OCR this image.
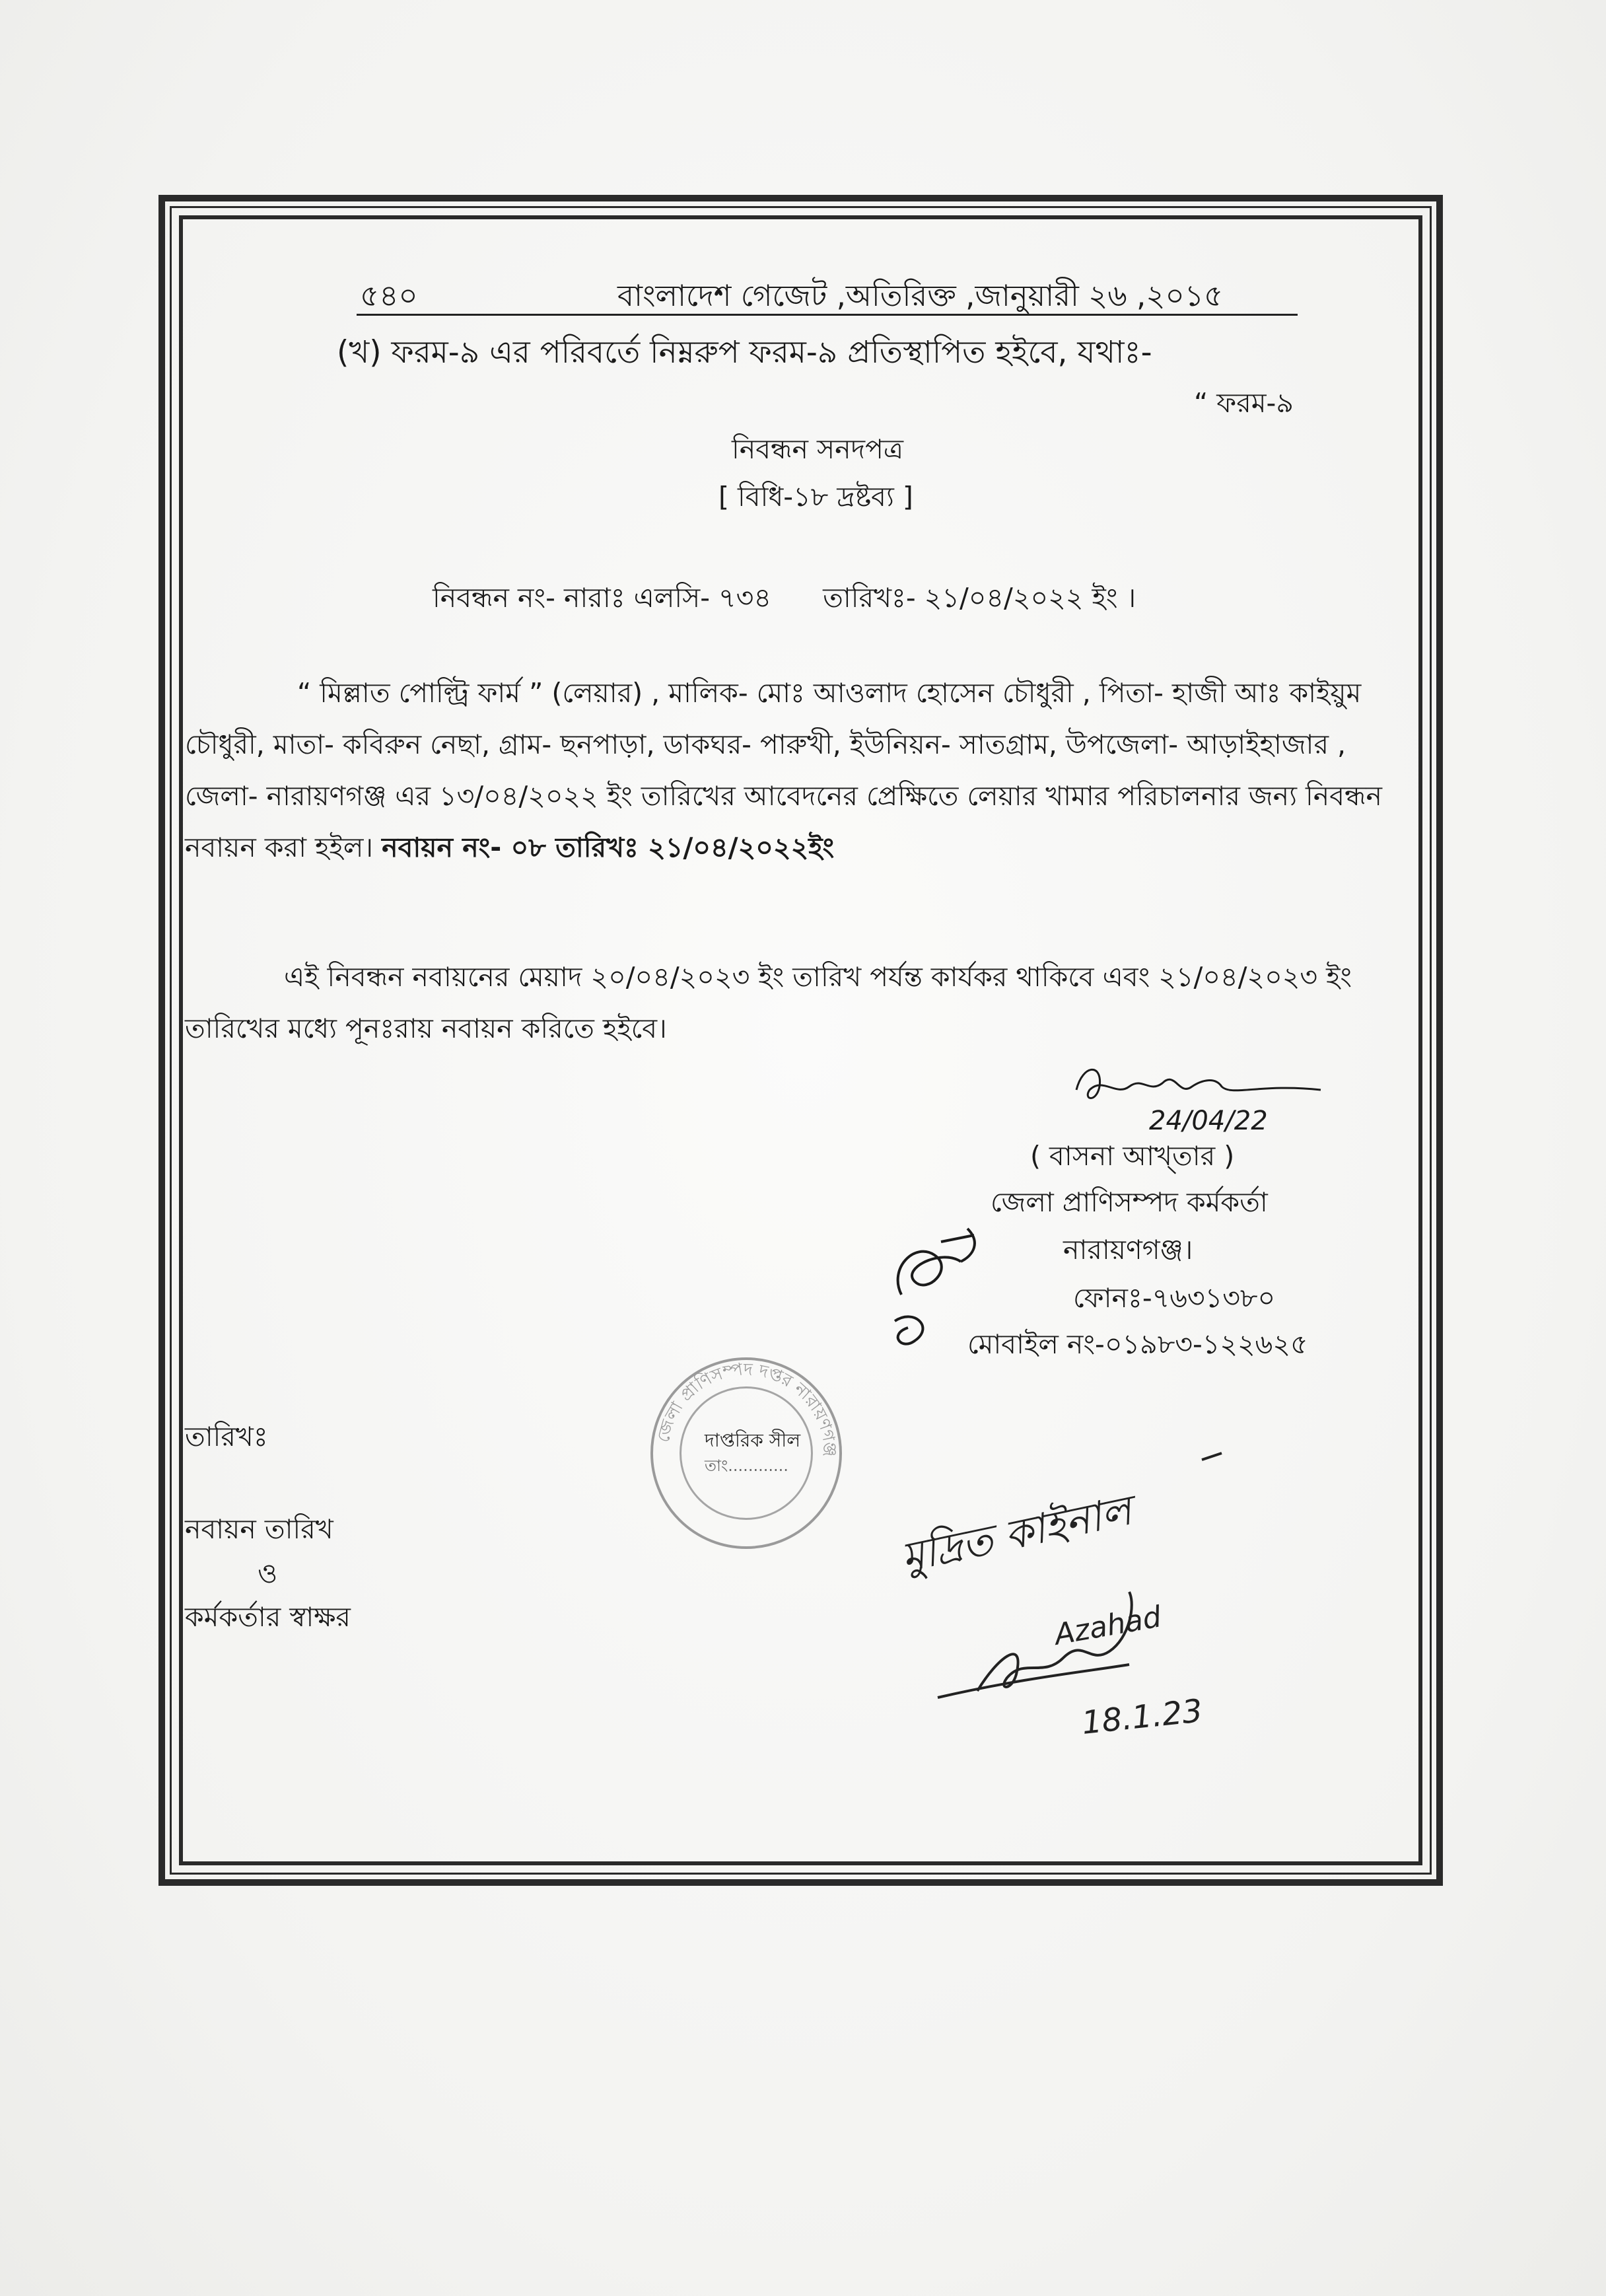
৫৪০	বাংলাদেশ গেজেট ,অতিরিক্ত ,জানুয়ারী ২৬ ,২০১৫
(খ) ফরম-৯ এর পরিবর্তে নিম্নরুপ ফরম-৯ প্রতিস্থাপিত হইবে, যথাঃ-
“ ফরম-৯
নিবন্ধন সনদপত্র
[ বিধি-১৮ দ্রষ্টব্য ]
নিবন্ধন নং- নারাঃ এলসি- ৭৩৪      তারিখঃ- ২১/০৪/২০২২ ইং ।
“ মিল্লাত পোল্ট্রি ফার্ম ” (লেয়ার) , মালিক- মোঃ আওলাদ হোসেন চৌধুরী , পিতা- হাজী আঃ কাইয়ুম
চৌধুরী, মাতা- কবিরুন নেছা, গ্রাম- ছনপাড়া, ডাকঘর- পারুখী, ইউনিয়ন- সাতগ্রাম, উপজেলা- আড়াইহাজার ,
জেলা- নারায়ণগঞ্জ এর ১৩/০৪/২০২২ ইং তারিখের আবেদনের প্রেক্ষিতে লেয়ার খামার পরিচালনার জন্য নিবন্ধন
নবায়ন করা হইল। নবায়ন নং- ০৮ তারিখঃ ২১/০৪/২০২২ইং
এই নিবন্ধন নবায়নের মেয়াদ ২০/০৪/২০২৩ ইং তারিখ পর্যন্ত কার্যকর থাকিবে এবং ২১/০৪/২০২৩ ইং
তারিখের মধ্যে পূনঃরায় নবায়ন করিতে হইবে।
24/04/22
( বাসনা আখ্‌তার )
জেলা প্রাণিসম্পদ কর্মকর্তা
নারায়ণগঞ্জ।
ফোনঃ-৭৬৩১৩৮০
মোবাইল নং-০১৯৮৩-১২২৬২৫
জেলা প্রাণিসম্পদ দপ্তর নারায়ণগঞ্জ
দাপ্তরিক সীল
তাং............
তারিখঃ
নবায়ন তারিখ
ও
কর্মকর্তার স্বাক্ষর
মুদ্রিত কাইনাল
Azahad
18.1.23
